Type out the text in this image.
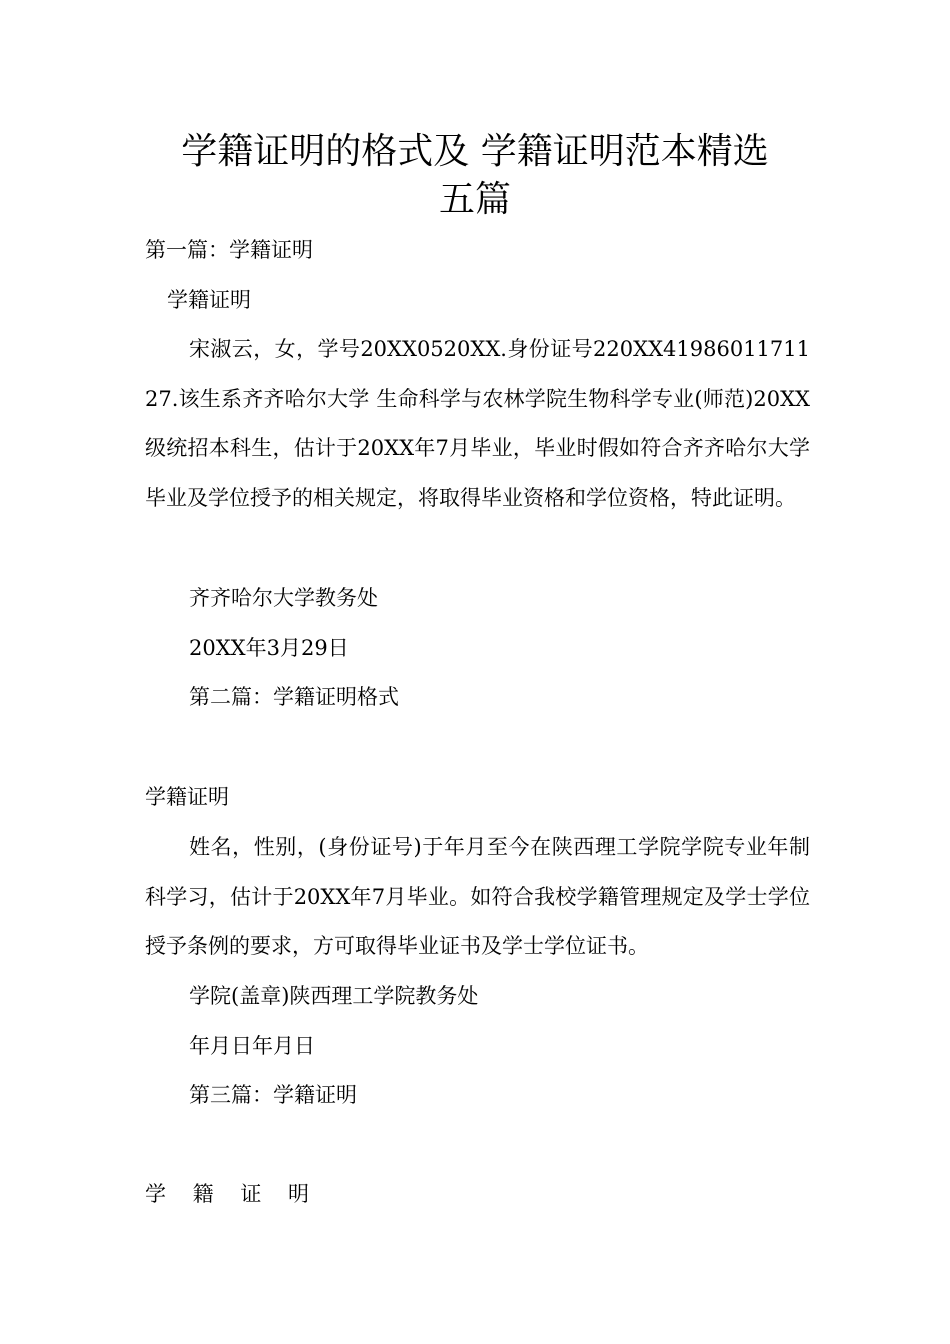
学籍证明的格式及 学籍证明范本精选
五篇

第一篇：学籍证明

学籍证明

宋淑云，女，学号20XX0520XX.身份证号220XX4198601171127.该生系齐齐哈尔大学 生命科学与农林学院生物科学专业(师范)20XX级统招本科生，估计于20XX年7月毕业，毕业时假如符合齐齐哈尔大学毕业及学位授予的相关规定，将取得毕业资格和学位资格，特此证明。

齐齐哈尔大学教务处

20XX年3月29日

第二篇：学籍证明格式

学籍证明

姓名，性别，(身份证号)于年月至今在陕西理工学院学院专业年制科学习，估计于20XX年7月毕业。如符合我校学籍管理规定及学士学位授予条例的要求，方可取得毕业证书及学士学位证书。

学院(盖章)陕西理工学院教务处

年月日年月日

第三篇：学籍证明

学 籍 证 明
